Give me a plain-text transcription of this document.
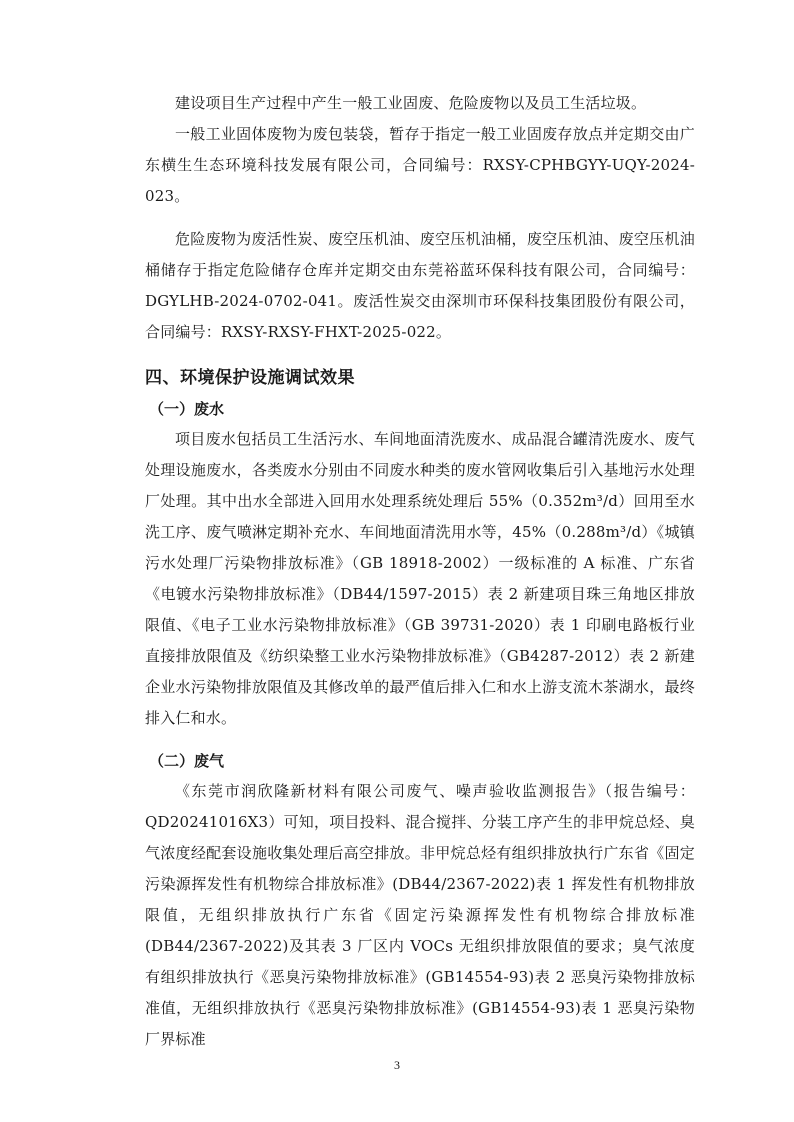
建设项目生产过程中产生一般工业固废、危险废物以及员工生活垃圾。

一般工业固体废物为废包装袋，暂存于指定一般工业固废存放点并定期交由广东横生生态环境科技发展有限公司，合同编号：RXSY-CPHBGYY-UQY-2024-023。

危险废物为废活性炭、废空压机油、废空压机油桶，废空压机油、废空压机油桶储存于指定危险储存仓库并定期交由东莞裕蓝环保科技有限公司，合同编号：DGYLHB-2024-0702-041。废活性炭交由深圳市环保科技集团股份有限公司，合同编号：RXSY-RXSY-FHXT-2025-022。

四、环境保护设施调试效果
（一）废水

项目废水包括员工生活污水、车间地面清洗废水、成品混合罐清洗废水、废气处理设施废水，各类废水分别由不同废水种类的废水管网收集后引入基地污水处理厂处理。其中出水全部进入回用水处理系统处理后 55%（0.352m³/d）回用至水洗工序、废气喷淋定期补充水、车间地面清洗用水等，45%（0.288m³/d）《城镇污水处理厂污染物排放标准》（GB 18918-2002）一级标准的 A 标准、广东省《电镀水污染物排放标准》（DB44/1597-2015）表 2 新建项目珠三角地区排放限值、《电子工业水污染物排放标准》（GB 39731-2020）表 1 印刷电路板行业直接排放限值及《纺织染整工业水污染物排放标准》（GB4287-2012）表 2 新建企业水污染物排放限值及其修改单的最严值后排入仁和水上游支流木茶湖水，最终排入仁和水。

（二）废气

《东莞市润欣隆新材料有限公司废气、噪声验收监测报告》（报告编号：QD20241016X3）可知，项目投料、混合搅拌、分装工序产生的非甲烷总烃、臭气浓度经配套设施收集处理后高空排放。非甲烷总烃有组织排放执行广东省《固定污染源挥发性有机物综合排放标准》(DB44/2367-2022)表 1 挥发性有机物排放限值，无组织排放执行广东省《固定污染源挥发性有机物综合排放标准(DB44/2367-2022)及其表 3 厂区内 VOCs 无组织排放限值的要求；臭气浓度有组织排放执行《恶臭污染物排放标准》(GB14554-93)表 2 恶臭污染物排放标准值，无组织排放执行《恶臭污染物排放标准》(GB14554-93)表 1 恶臭污染物厂界标准

3
